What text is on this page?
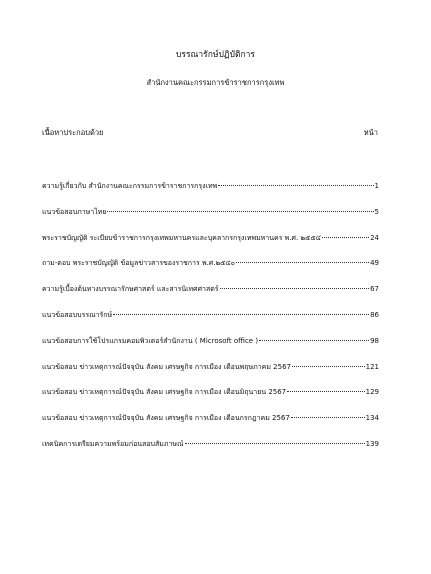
บรรณารักษ์ปฏิบัติการ
สำนักงานคณะกรรมการข้าราชการกรุงเทพ
เนื้อหาประกอบด้วย	หน้า
ความรู้เกี่ยวกับ สำนักงานคณะกรรมการข้าราชการกรุงเทพ	1
แนวข้อสอบภาษาไทย	5
พระราชบัญญัติ ระเบียบข้าราชการกรุงเทพมหานครและบุคลากรกรุงเทพมหานคร พ.ศ. ๒๕๕๔	24
ถาม-ตอบ พระราชบัญญัติ ข้อมูลข่าวสารของราชการ พ.ศ.๒๕๔๐	49
ความรู้เบื้องต้นทางบรรณารักษศาสตร์ และสารนิเทศศาสตร์	67
แนวข้อสอบบรรณารักษ์	86
แนวข้อสอบการใช้โปรแกรมคอมพิวเตอร์สำนักงาน ( Microsoft office )	98
แนวข้อสอบ ข่าวเหตุการณ์ปัจจุบัน สังคม เศรษฐกิจ การเมือง เดือนพฤษภาคม 2567	121
แนวข้อสอบ ข่าวเหตุการณ์ปัจจุบัน สังคม เศรษฐกิจ การเมือง เดือนมิถุนายน 2567	129
แนวข้อสอบ ข่าวเหตุการณ์ปัจจุบัน สังคม เศรษฐกิจ การเมือง เดือนกรกฎาคม 2567	134
เทคนิคการเตรียมความพร้อมก่อนสอบสัมภาษณ์	139
